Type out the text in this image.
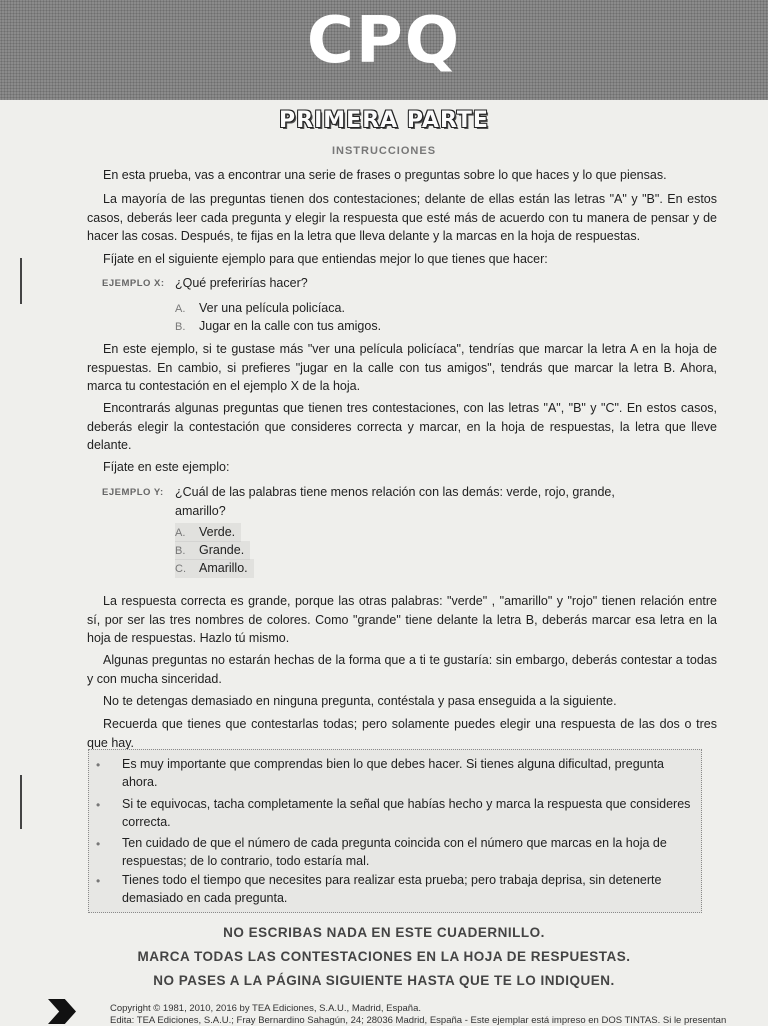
CPQ
PRIMERA PARTE
INSTRUCCIONES

En esta prueba, vas a encontrar una serie de frases o preguntas sobre lo que haces y lo que piensas.

La mayoría de las preguntas tienen dos contestaciones; delante de ellas están las letras "A" y "B". En estos casos, deberás leer cada pregunta y elegir la respuesta que esté más de acuerdo con tu manera de pensar y de hacer las cosas. Después, te fijas en la letra que lleva delante y la marcas en la hoja de respuestas.

Fíjate en el siguiente ejemplo para que entiendas mejor lo que tienes que hacer:

EJEMPLO X: ¿Qué preferirías hacer?

A. Ver una película policíaca.
B. Jugar en la calle con tus amigos.

En este ejemplo, si te gustase más "ver una película policíaca", tendrías que marcar la letra A en la hoja de respuestas. En cambio, si prefieres "jugar en la calle con tus amigos", tendrás que marcar la letra B. Ahora, marca tu contestación en el ejemplo X de la hoja.

Encontrarás algunas preguntas que tienen tres contestaciones, con las letras "A", "B" y "C". En estos casos, deberás elegir la contestación que consideres correcta y marcar, en la hoja de respuestas, la letra que lleve delante.

Fíjate en este ejemplo:

EJEMPLO Y: ¿Cuál de las palabras tiene menos relación con las demás: verde, rojo, grande, amarillo?

A. Verde.
B. Grande.
C. Amarillo.

La respuesta correcta es grande, porque las otras palabras: "verde" , "amarillo" y "rojo" tienen relación entre sí, por ser las tres nombres de colores. Como "grande" tiene delante la letra B, deberás marcar esa letra en la hoja de respuestas. Hazlo tú mismo.

Algunas preguntas no estarán hechas de la forma que a ti te gustaría: sin embargo, deberás contestar a todas y con mucha sinceridad.

No te detengas demasiado en ninguna pregunta, contéstala y pasa enseguida a la siguiente.

Recuerda que tienes que contestarlas todas; pero solamente puedes elegir una respuesta de las dos o tres que hay.

• Es muy importante que comprendas bien lo que debes hacer. Si tienes alguna dificultad, pregunta ahora.

• Si te equivocas, tacha completamente la señal que habías hecho y marca la respuesta que consideres correcta.

• Ten cuidado de que el número de cada pregunta coincida con el número que marcas en la hoja de respuestas; de lo contrario, todo estaría mal.

• Tienes todo el tiempo que necesites para realizar esta prueba; pero trabaja deprisa, sin detenerte demasiado en cada pregunta.

NO ESCRIBAS NADA EN ESTE CUADERNILLO.
MARCA TODAS LAS CONTESTACIONES EN LA HOJA DE RESPUESTAS.
NO PASES A LA PÁGINA SIGUIENTE HASTA QUE TE LO INDIQUEN.
Copyright © 1981, 2010, 2016 by TEA Ediciones, S.A.U., Madrid, España.
Edita: TEA Ediciones, S.A.U.; Fray Bernardino Sahagún, 24; 28036 Madrid, España - Este ejemplar está impreso en DOS TINTAS. Si le presentan
